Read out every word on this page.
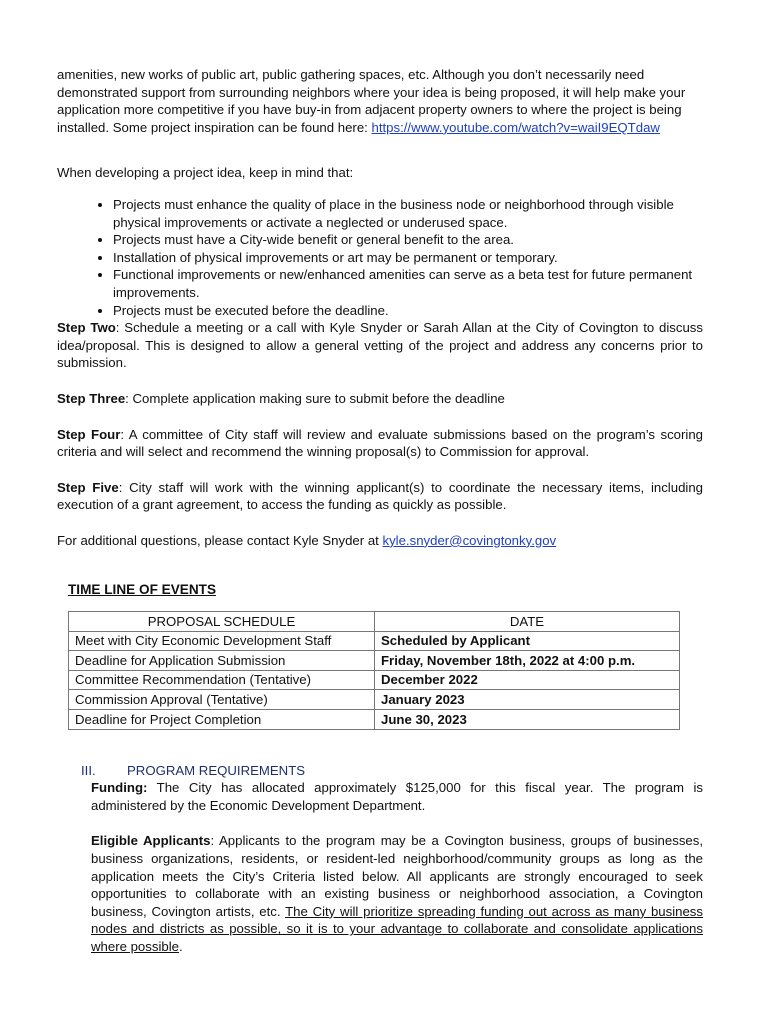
amenities, new works of public art, public gathering spaces, etc. Although you don’t necessarily need demonstrated support from surrounding neighbors where your idea is being proposed, it will help make your application more competitive if you have buy-in from adjacent property owners to where the project is being installed. Some project inspiration can be found here: https://www.youtube.com/watch?v=waiI9EQTdaw

When developing a project idea, keep in mind that:

• Projects must enhance the quality of place in the business node or neighborhood through visible physical improvements or activate a neglected or underused space.
• Projects must have a City-wide benefit or general benefit to the area.
• Installation of physical improvements or art may be permanent or temporary.
• Functional improvements or new/enhanced amenities can serve as a beta test for future permanent improvements.
• Projects must be executed before the deadline.

Step Two: Schedule a meeting or a call with Kyle Snyder or Sarah Allan at the City of Covington to discuss idea/proposal. This is designed to allow a general vetting of the project and address any concerns prior to submission.

Step Three: Complete application making sure to submit before the deadline

Step Four: A committee of City staff will review and evaluate submissions based on the program’s scoring criteria and will select and recommend the winning proposal(s) to Commission for approval.

Step Five: City staff will work with the winning applicant(s) to coordinate the necessary items, including execution of a grant agreement, to access the funding as quickly as possible.

For additional questions, please contact Kyle Snyder at kyle.snyder@covingtonky.gov

TIME LINE OF EVENTS

PROPOSAL SCHEDULE	DATE
Meet with City Economic Development Staff	Scheduled by Applicant
Deadline for Application Submission	Friday, November 18th, 2022 at 4:00 p.m.
Committee Recommendation (Tentative)	December 2022
Commission Approval (Tentative)	January 2023
Deadline for Project Completion	June 30, 2023

III. PROGRAM REQUIREMENTS

Funding: The City has allocated approximately $125,000 for this fiscal year. The program is administered by the Economic Development Department.

Eligible Applicants: Applicants to the program may be a Covington business, groups of businesses, business organizations, residents, or resident-led neighborhood/community groups as long as the application meets the City’s Criteria listed below. All applicants are strongly encouraged to seek opportunities to collaborate with an existing business or neighborhood association, a Covington business, Covington artists, etc. The City will prioritize spreading funding out across as many business nodes and districts as possible, so it is to your advantage to collaborate and consolidate applications where possible.
